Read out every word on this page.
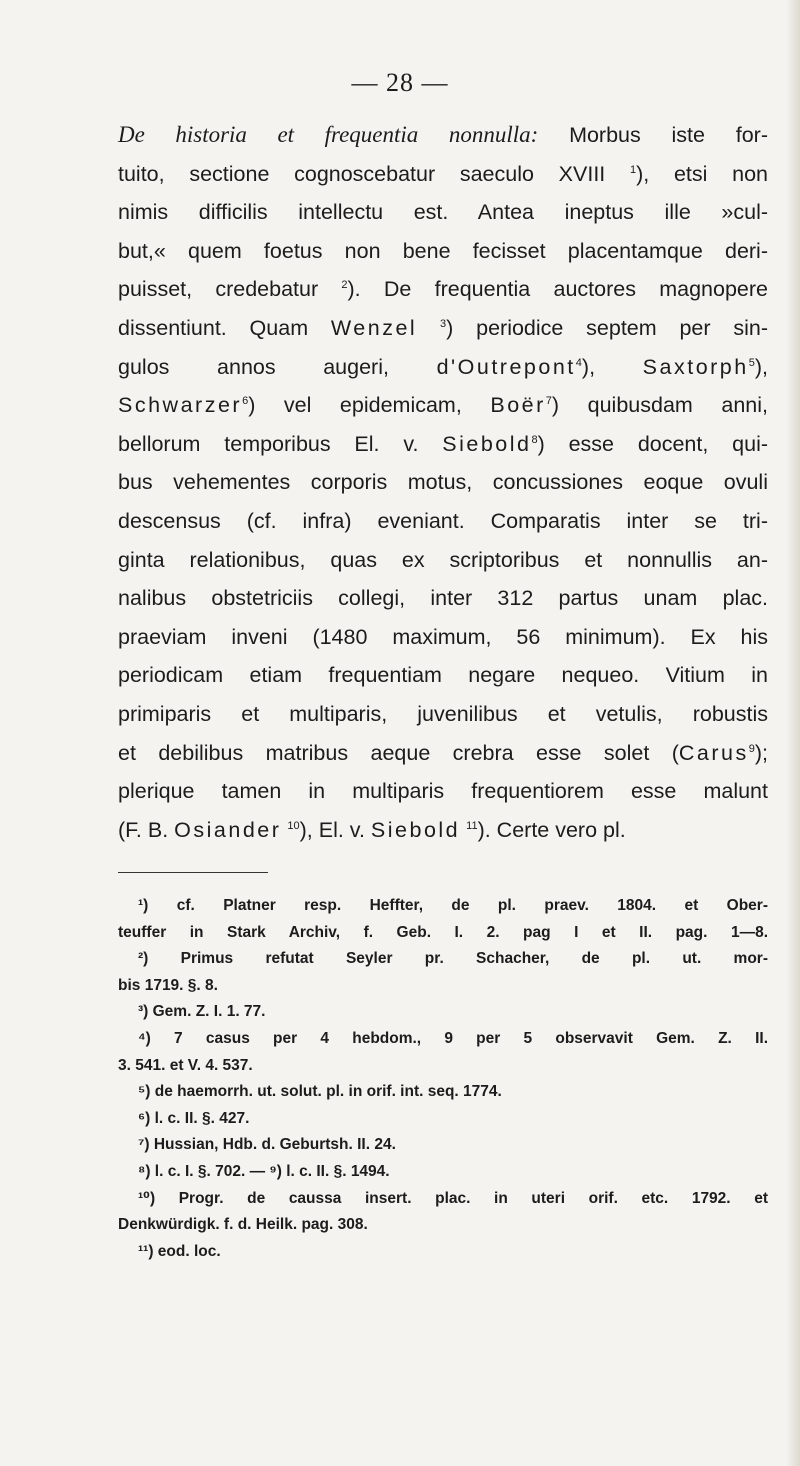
— 28 —
De historia et frequentia nonnulla: Morbus iste for-
tuito, sectione cognoscebatur saeculo XVIII $^1$), etsi non
nimis difficilis intellectu est. Antea ineptus ille »cul-
but,« quem foetus non bene fecisset placentamque deri-
puisset, credebatur $^2$). De frequentia auctores magnopere
dissentiunt. Quam Wenzel $^3$) periodice septem per sin-
gulos annos augeri, d'Outrepont$^4$), Saxtorph$^5$),
Schwarzer$^6$) vel epidemicam, Boër$^7$) quibusdam anni,
bellorum temporibus El. v. Siebold$^8$) esse docent, qui-
bus vehementes corporis motus, concussiones eoque ovuli
descensus (cf. infra) eveniant. Comparatis inter se tri-
ginta relationibus, quas ex scriptoribus et nonnullis an-
nalibus obstetriciis collegi, inter 312 partus unam plac.
praeviam inveni (1480 maximum, 56 minimum). Ex his
periodicam etiam frequentiam negare nequeo. Vitium in
primiparis et multiparis, juvenilibus et vetulis, robustis
et debilibus matribus aeque crebra esse solet (Carus$^9$);
plerique tamen in multiparis frequentiorem esse malunt
(F. B. Osiander $^{10}$), El. v. Siebold $^{11}$). Certe vero pl.
¹) cf. Platner resp. Heffter, de pl. praev. 1804. et Ober-
teuffer in Stark Archiv, f. Geb. I. 2. pag I et II. pag. 1—8.
²) Primus refutat Seyler pr. Schacher, de pl. ut. mor-
bis 1719. §. 8.
³) Gem. Z. I. 1. 77.
⁴) 7 casus per 4 hebdom., 9 per 5 observavit Gem. Z. II.
3. 541. et V. 4. 537.
⁵) de haemorrh. ut. solut. pl. in orif. int. seq. 1774.
⁶) l. c. II. §. 427.
⁷) Hussian, Hdb. d. Geburtsh. II. 24.
⁸) l. c. I. §. 702. — ⁹) l. c. II. §. 1494.
¹⁰) Progr. de caussa insert. plac. in uteri orif. etc. 1792. et
Denkwürdigk. f. d. Heilk. pag. 308.
¹¹) eod. loc.
